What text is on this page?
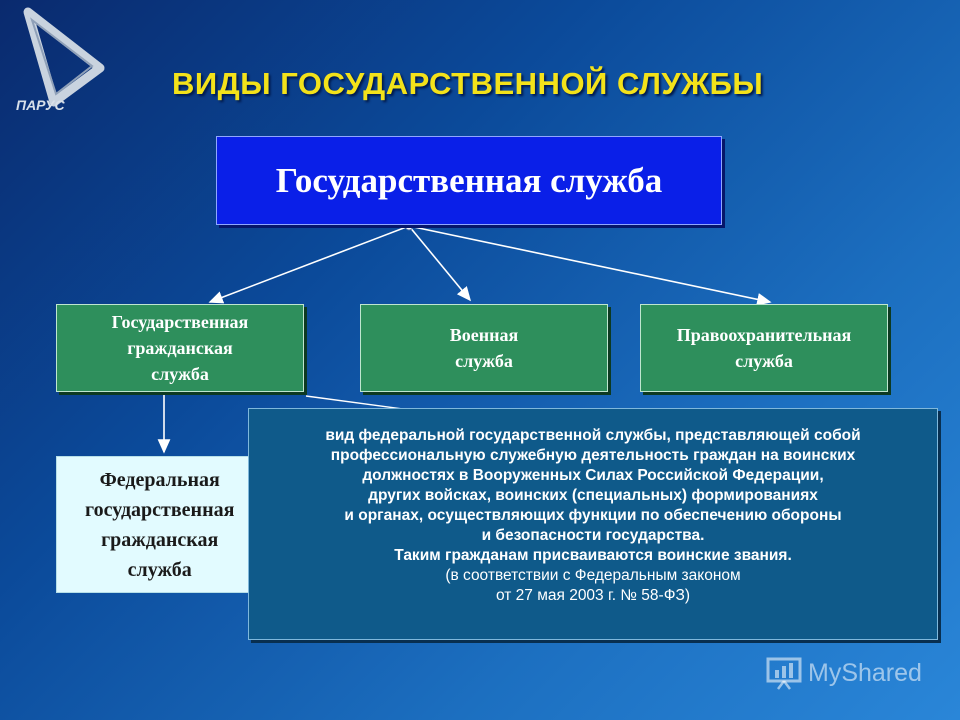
ПАРУС
ВИДЫ ГОСУДАРСТВЕННОЙ СЛУЖБЫ
Государственная служба
Государственная
гражданская
служба
Военная
служба
Правоохранительная
служба
Федеральная
государственная
гражданская
служба
вид федеральной государственной службы, представляющей собой
профессиональную служебную деятельность граждан на воинских
должностях в Вооруженных Силах Российской Федерации,
других войсках, воинских (специальных) формированиях
и органах, осуществляющих функции по обеспечению обороны
и безопасности государства.
Таким гражданам присваиваются воинские звания.
(в соответствии с Федеральным законом
от 27 мая 2003 г. № 58-ФЗ)
MyShared
